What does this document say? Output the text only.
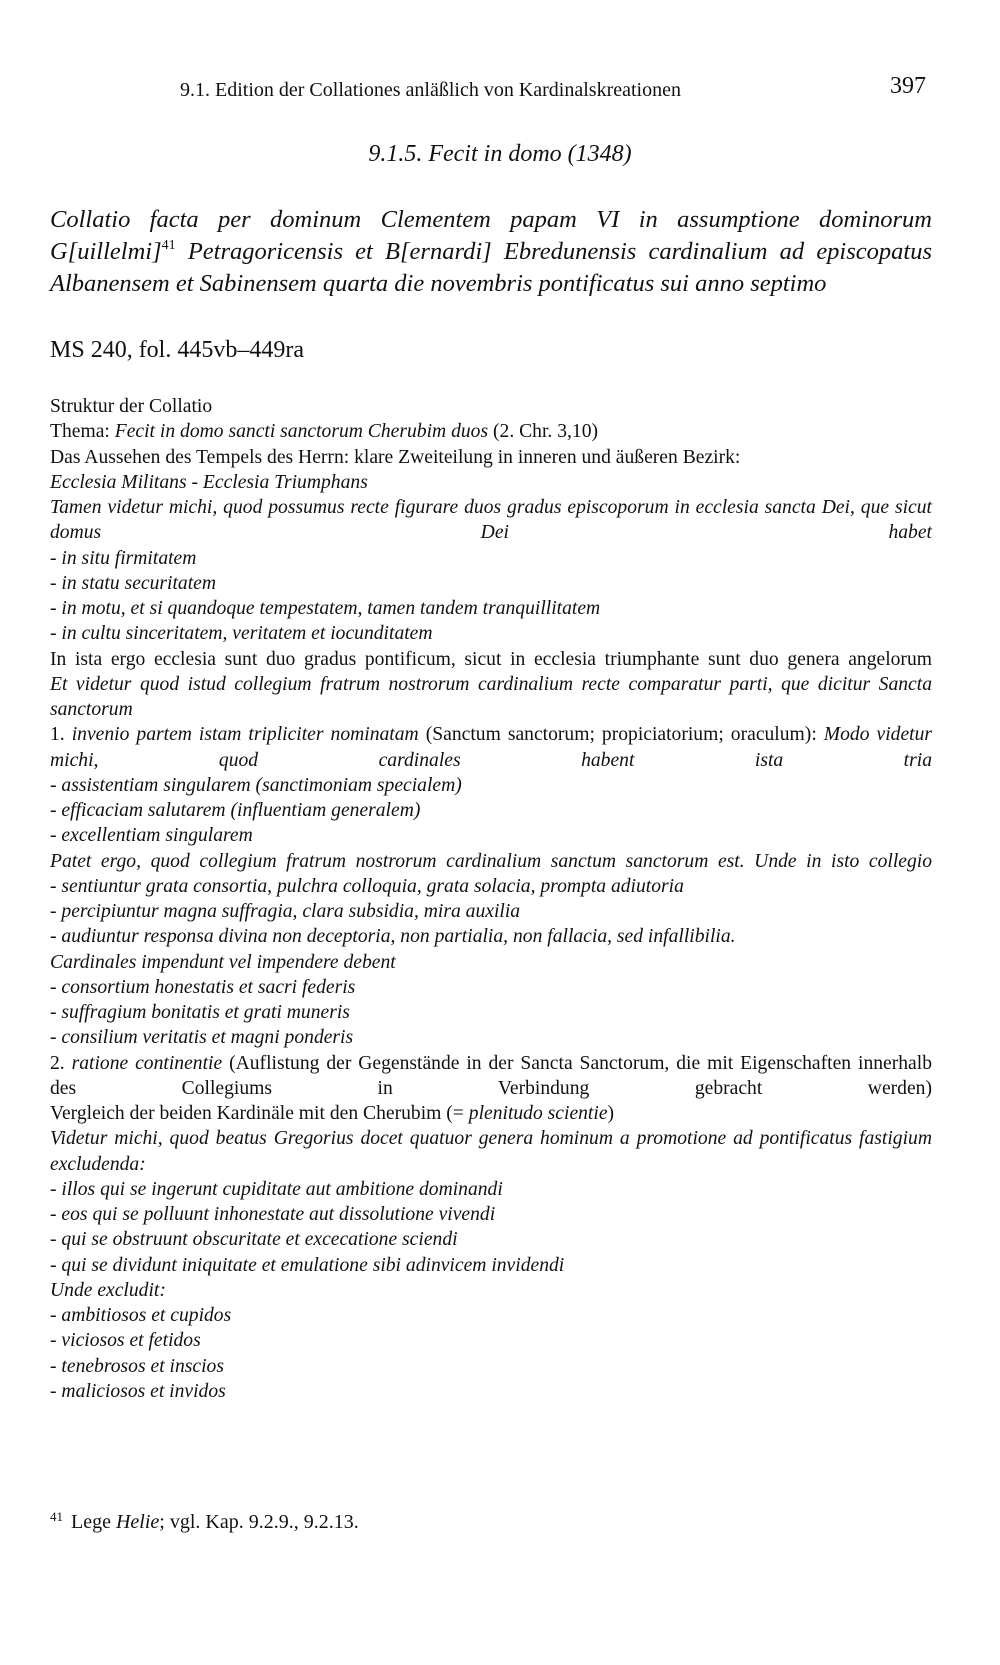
9.1. Edition der Collationes anläßlich von Kardinalskreationen	397
9.1.5. Fecit in domo (1348)
Collatio facta per dominum Clementem papam VI in assumptione dominorum G[uillelmi]$^{41}$ Petragoricensis et B[ernardi] Ebredunensis cardinalium ad episcopatus Albanensem et Sabinensem quarta die novembris pontificatus sui anno septimo
MS 240, fol. 445vb–449ra
Struktur der Collatio
Thema: Fecit in domo sancti sanctorum Cherubim duos (2. Chr. 3,10)
Das Aussehen des Tempels des Herrn: klare Zweiteilung in inneren und äußeren Bezirk:
Ecclesia Militans - Ecclesia Triumphans
Tamen videtur michi, quod possumus recte figurare duos gradus episcoporum in ecclesia sancta Dei, que sicut domus Dei habet
- in situ firmitatem
- in statu securitatem
- in motu, et si quandoque tempestatem, tamen tandem tranquillitatem
- in cultu sinceritatem, veritatem et iocunditatem
In ista ergo ecclesia sunt duo gradus pontificum, sicut in ecclesia triumphante sunt duo genera angelorum
Et videtur quod istud collegium fratrum nostrorum cardinalium recte comparatur parti, que dicitur Sancta sanctorum
1. invenio partem istam tripliciter nominatam (Sanctum sanctorum; propiciatorium; oraculum): Modo videtur michi, quod cardinales habent ista tria
- assistentiam singularem (sanctimoniam specialem)
- efficaciam salutarem (influentiam generalem)
- excellentiam singularem
Patet ergo, quod collegium fratrum nostrorum cardinalium sanctum sanctorum est. Unde in isto collegio
- sentiuntur grata consortia, pulchra colloquia, grata solacia, prompta adiutoria
- percipiuntur magna suffragia, clara subsidia, mira auxilia
- audiuntur responsa divina non deceptoria, non partialia, non fallacia, sed infallibilia.
Cardinales impendunt vel impendere debent
- consortium honestatis et sacri federis
- suffragium bonitatis et grati muneris
- consilium veritatis et magni ponderis
2. ratione continentie (Auflistung der Gegenstände in der Sancta Sanctorum, die mit Eigenschaften innerhalb des Collegiums in Verbindung gebracht werden)
Vergleich der beiden Kardinäle mit den Cherubim (= plenitudo scientie)
Videtur michi, quod beatus Gregorius docet quatuor genera hominum a promotione ad pontificatus fastigium excludenda:
- illos qui se ingerunt cupiditate aut ambitione dominandi
- eos qui se polluunt inhonestate aut dissolutione vivendi
- qui se obstruunt obscuritate et excecatione sciendi
- qui se dividunt iniquitate et emulatione sibi adinvicem invidendi
Unde excludit:
- ambitiosos et cupidos
- viciosos et fetidos
- tenebrosos et inscios
- maliciosos et invidos
$^{41}$ Lege Helie; vgl. Kap. 9.2.9., 9.2.13.
